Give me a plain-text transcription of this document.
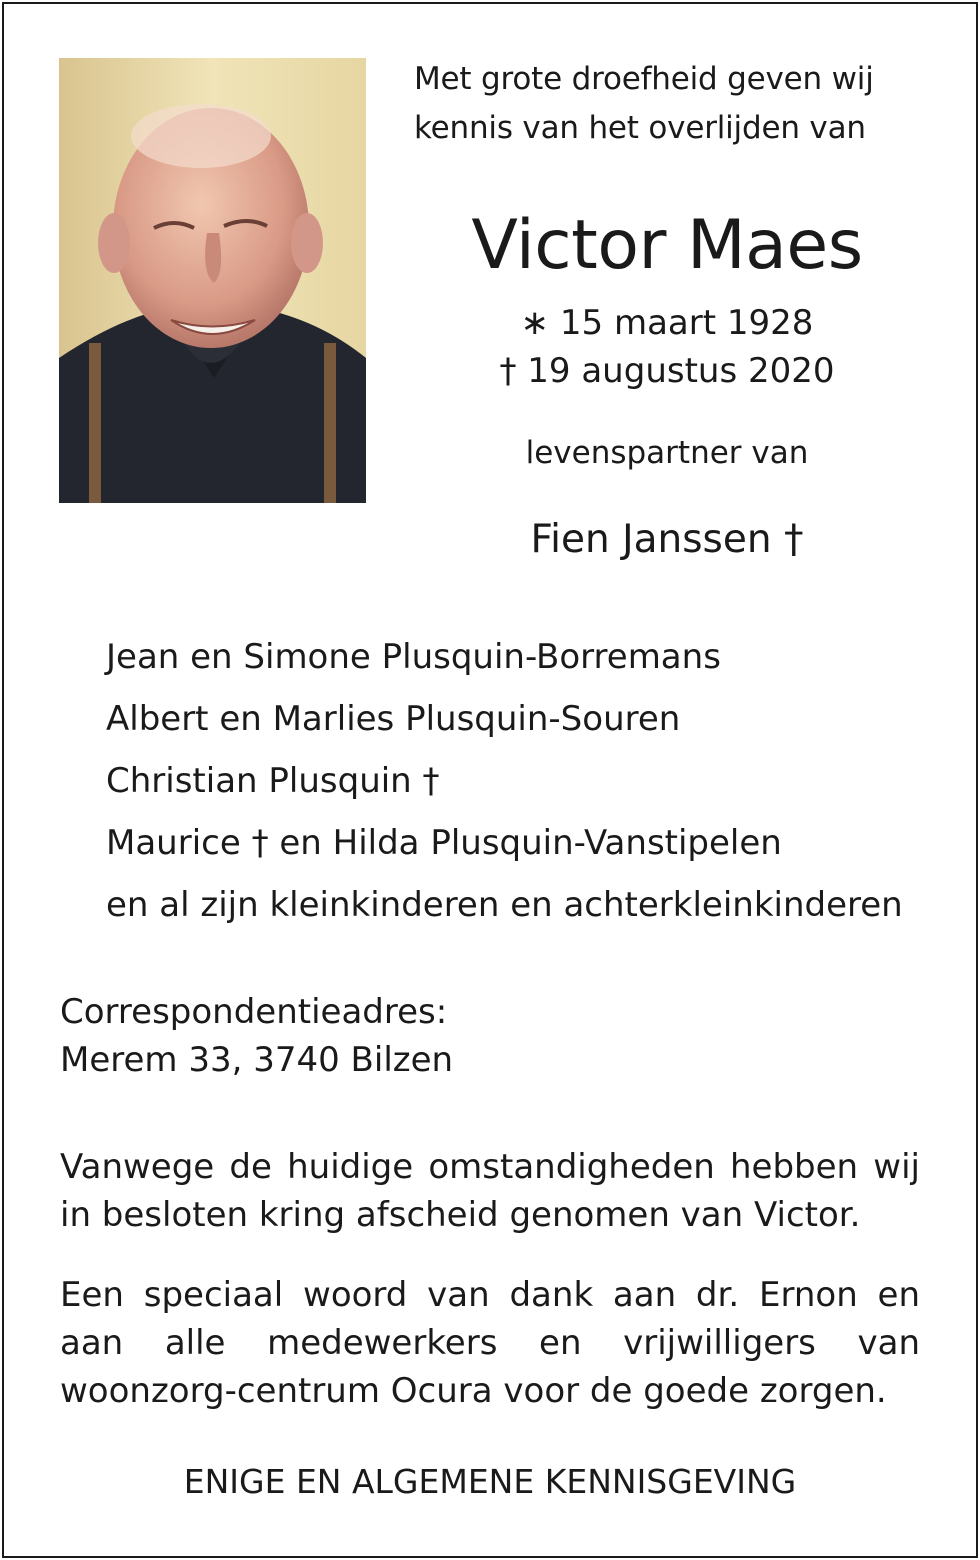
Met grote droefheid geven wij
kennis van het overlijden van
Victor Maes
∗ 15 maart 1928
† 19 augustus 2020
levenspartner van
Fien Janssen †
Jean en Simone Plusquin-Borremans
Albert en Marlies Plusquin-Souren
Christian Plusquin †
Maurice † en Hilda Plusquin-Vanstipelen
en al zijn kleinkinderen en achterkleinkinderen
Correspondentieadres:
Merem 33, 3740 Bilzen
Vanwege de huidige omstandigheden hebben wij in besloten kring afscheid genomen van Victor.
Een speciaal woord van dank aan dr. Ernon en aan alle medewerkers en vrijwilligers van woonzorg-centrum Ocura voor de goede zorgen.
ENIGE EN ALGEMENE KENNISGEVING
